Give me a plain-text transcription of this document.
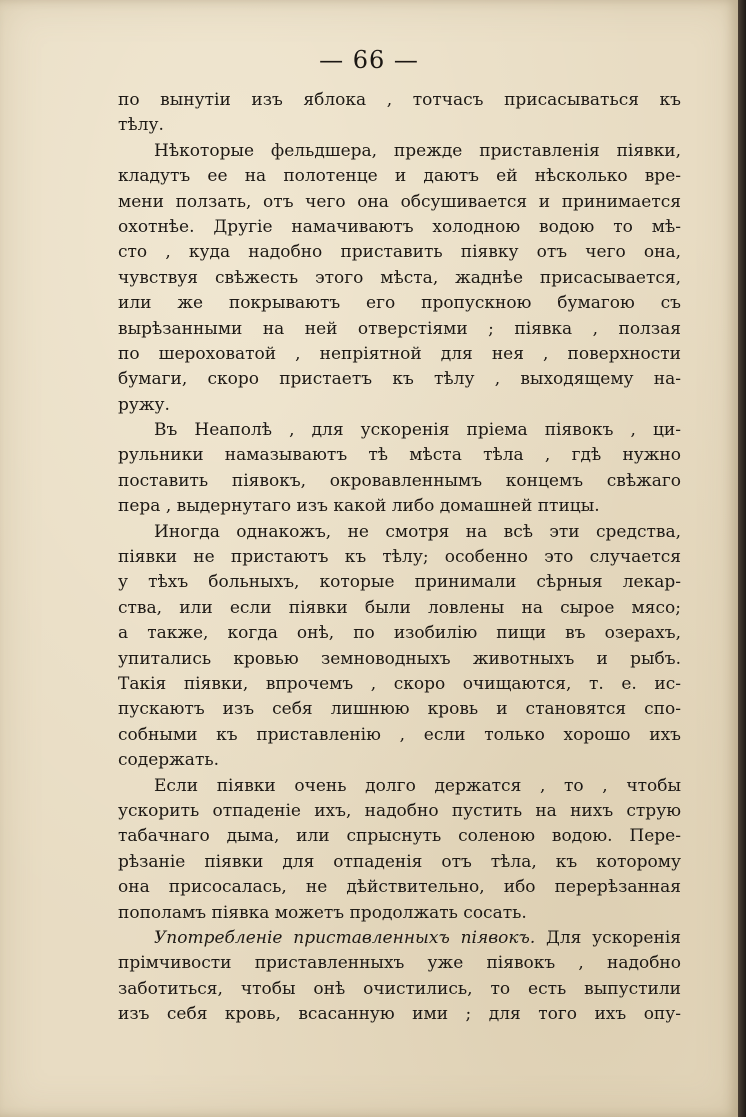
— 66 —
по вынутіи изъ яблока , тотчасъ присасываться къ
тѣлу.
Нѣкоторые фельдшера, прежде приставленія піявки,
кладутъ ее на полотенце и даютъ ей нѣсколько вре-
мени ползать, отъ чего она обсушивается и принимается
охотнѣе. Другіе намачиваютъ холодною водою то мѣ-
сто , куда надобно приставить піявку отъ чего она,
чувствуя свѣжесть этого мѣста, жаднѣе присасывается,
или же покрываютъ его пропускною бумагою съ
вырѣзанными на ней отверстіями ; піявка , ползая
по шероховатой , непріятной для нея , поверхности
бумаги, скоро пристаетъ къ тѣлу , выходящему на-
ружу.
Въ Неаполѣ , для ускоренія пріема піявокъ , ци-
рульники намазываютъ тѣ мѣста тѣла , гдѣ нужно
поставить піявокъ, окровавленнымъ концемъ свѣжаго
пера , выдернутаго изъ какой либо домашней птицы.
Иногда однакожъ, не смотря на всѣ эти средства,
піявки не пристаютъ къ тѣлу; особенно это случается
у тѣхъ больныхъ, которые принимали сѣрныя лекар-
ства, или если піявки были ловлены на сырое мясо;
а также, когда онѣ, по изобилію пищи въ озерахъ,
упитались кровью земноводныхъ животныхъ и рыбъ.
Такія піявки, впрочемъ , скоро очищаются, т. е. ис-
пускаютъ изъ себя лишнюю кровь и становятся спо-
собными къ приставленію , если только хорошо ихъ
содержать.
Если піявки очень долго держатся , то , чтобы
ускорить отпаденіе ихъ, надобно пустить на нихъ струю
табачнаго дыма, или спрыснуть соленою водою. Пере-
рѣзаніе піявки для отпаденія отъ тѣла, къ которому
она присосалась, не дѣйствительно, ибо перерѣзанная
пополамъ піявка можетъ продолжать сосать.
Употребленіе приставленныхъ піявокъ. Для ускоренія
прімчивости приставленныхъ уже піявокъ , надобно
заботиться, чтобы онѣ очистились, то есть выпустили
изъ себя кровь, всасанную ими ; для того ихъ опу-
